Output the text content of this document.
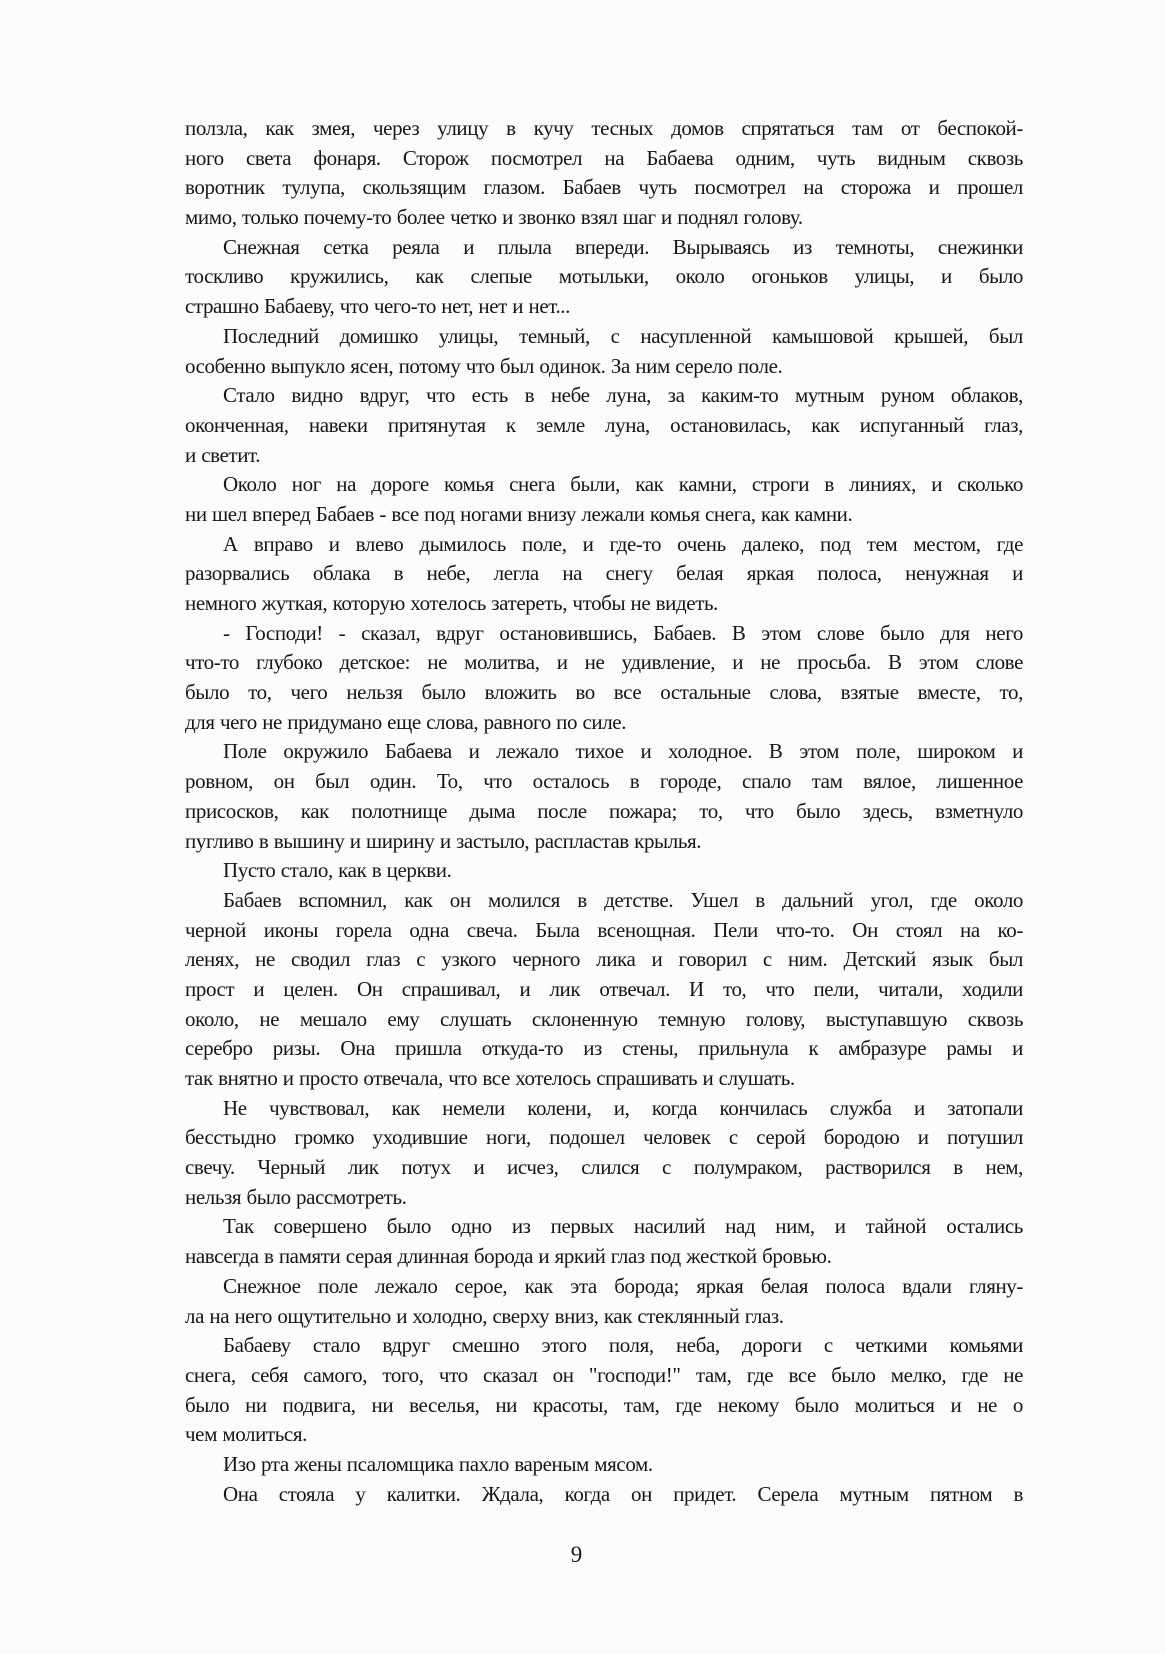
ползла, как змея, через улицу в кучу тесных домов спрятаться там от беспокой-
ного света фонаря. Сторож посмотрел на Бабаева одним, чуть видным сквозь
воротник тулупа, скользящим глазом. Бабаев чуть посмотрел на сторожа и прошел
мимо, только почему-то более четко и звонко взял шаг и поднял голову.
Снежная сетка реяла и плыла впереди. Вырываясь из темноты, снежинки
тоскливо кружились, как слепые мотыльки, около огоньков улицы, и было
страшно Бабаеву, что чего-то нет, нет и нет...
Последний домишко улицы, темный, с насупленной камышовой крышей, был
особенно выпукло ясен, потому что был одинок. За ним серело поле.
Стало видно вдруг, что есть в небе луна, за каким-то мутным руном облаков,
оконченная, навеки притянутая к земле луна, остановилась, как испуганный глаз,
и светит.
Около ног на дороге комья снега были, как камни, строги в линиях, и сколько
ни шел вперед Бабаев - все под ногами внизу лежали комья снега, как камни.
А вправо и влево дымилось поле, и где-то очень далеко, под тем местом, где
разорвались облака в небе, легла на снегу белая яркая полоса, ненужная и
немного жуткая, которую хотелось затереть, чтобы не видеть.
- Господи! - сказал, вдруг остановившись, Бабаев. В этом слове было для него
что-то глубоко детское: не молитва, и не удивление, и не просьба. В этом слове
было то, чего нельзя было вложить во все остальные слова, взятые вместе, то,
для чего не придумано еще слова, равного по силе.
Поле окружило Бабаева и лежало тихое и холодное. В этом поле, широком и
ровном, он был один. То, что осталось в городе, спало там вялое, лишенное
присосков, как полотнище дыма после пожара; то, что было здесь, взметнуло
пугливо в вышину и ширину и застыло, распластав крылья.
Пусто стало, как в церкви.
Бабаев вспомнил, как он молился в детстве. Ушел в дальний угол, где около
черной иконы горела одна свеча. Была всенощная. Пели что-то. Он стоял на ко-
ленях, не сводил глаз с узкого черного лика и говорил с ним. Детский язык был
прост и целен. Он спрашивал, и лик отвечал. И то, что пели, читали, ходили
около, не мешало ему слушать склоненную темную голову, выступавшую сквозь
серебро ризы. Она пришла откуда-то из стены, прильнула к амбразуре рамы и
так внятно и просто отвечала, что все хотелось спрашивать и слушать.
Не чувствовал, как немели колени, и, когда кончилась служба и затопали
бесстыдно громко уходившие ноги, подошел человек с серой бородою и потушил
свечу. Черный лик потух и исчез, слился с полумраком, растворился в нем,
нельзя было рассмотреть.
Так совершено было одно из первых насилий над ним, и тайной остались
навсегда в памяти серая длинная борода и яркий глаз под жесткой бровью.
Снежное поле лежало серое, как эта борода; яркая белая полоса вдали гляну-
ла на него ощутительно и холодно, сверху вниз, как стеклянный глаз.
Бабаеву стало вдруг смешно этого поля, неба, дороги с четкими комьями
снега, себя самого, того, что сказал он "господи!" там, где все было мелко, где не
было ни подвига, ни веселья, ни красоты, там, где некому было молиться и не о
чем молиться.
Изо рта жены псаломщика пахло вареным мясом.
Она стояла у калитки. Ждала, когда он придет. Серела мутным пятном в
9
